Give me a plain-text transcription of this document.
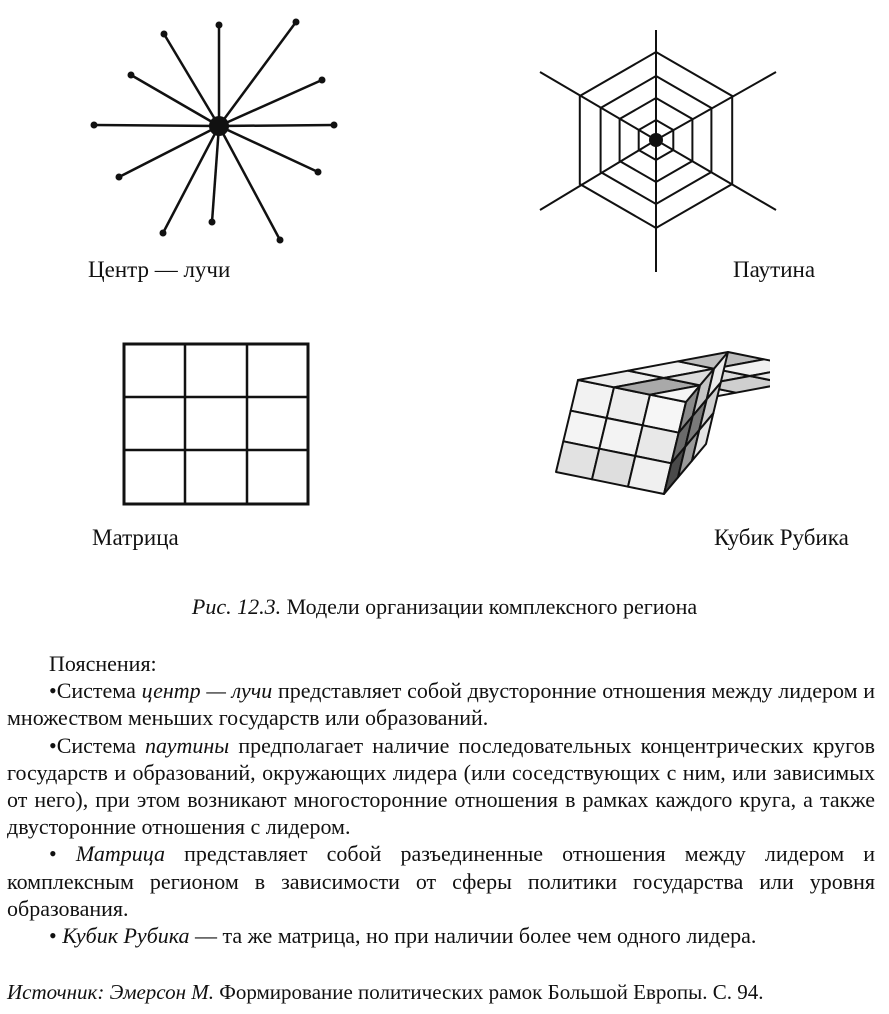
Центр — лучи	Паутина
Матрица	Кубик Рубика
Рис. 12.3. Модели организации комплексного региона

Пояснения:

•Система центр — лучи представляет собой двусторонние отношения между лидером и множеством меньших государств или образований.

•Система паутины предполагает наличие последовательных концентрических кругов государств и образований, окружающих лидера (или соседствующих с ним, или зависимых от него), при этом возникают многосторонние отношения в рамках каждого круга, а также двусторонние отношения с лидером.

• Матрица представляет собой разъединенные отношения между лидером и комплексным регионом в зависимости от сферы политики государства или уровня образования.

• Кубик Рубика — та же матрица, но при наличии более чем одного лидера.

Источник: Эмерсон М. Формирование политических рамок Большой Европы. С. 94.
